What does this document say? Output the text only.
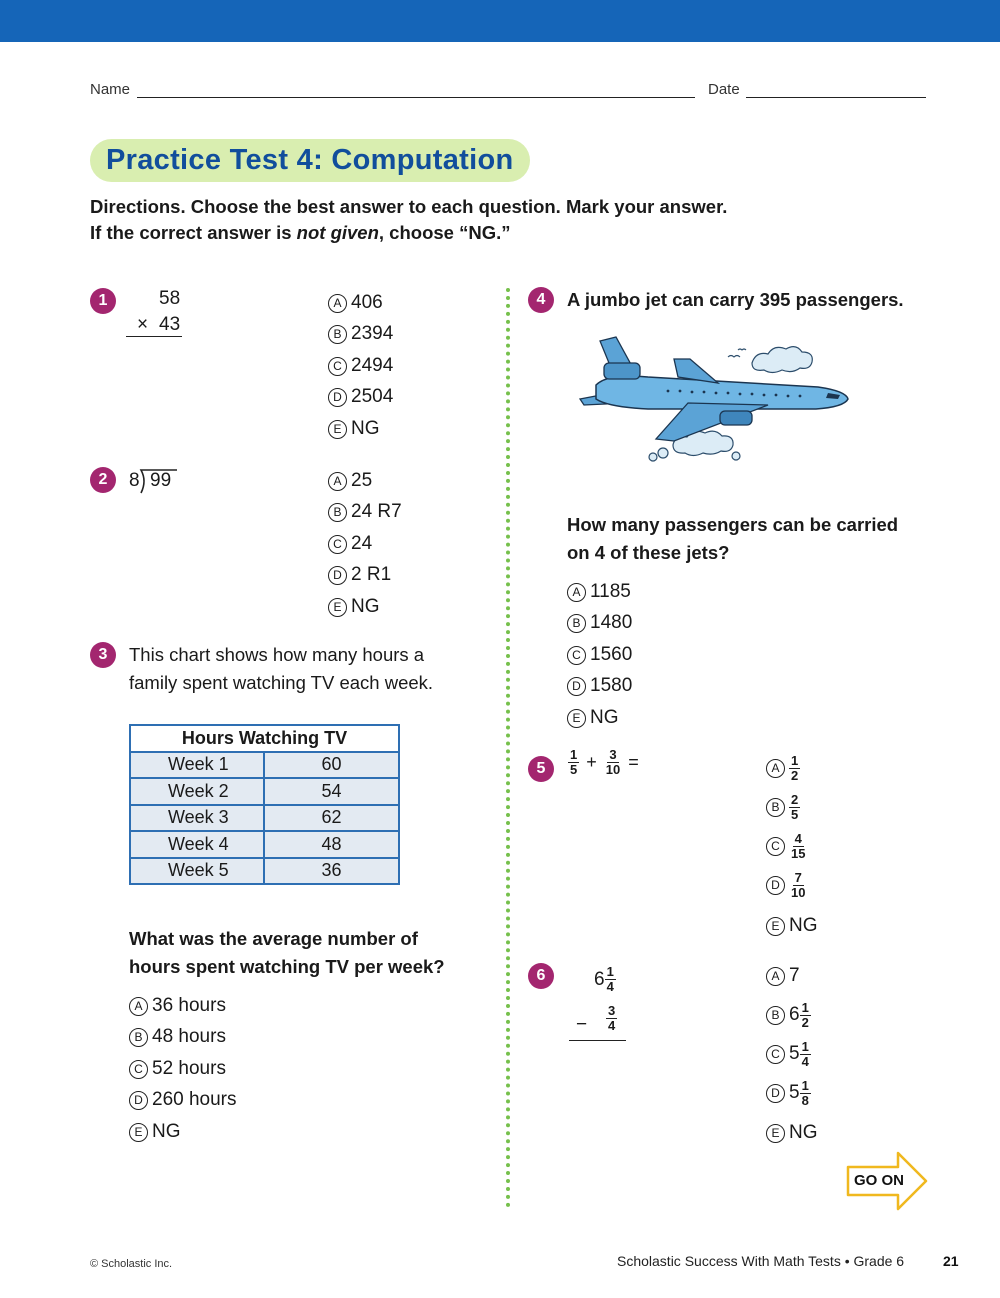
Name	Date
Practice Test 4: Computation
Directions. Choose the best answer to each question. Mark your answer.
If the correct answer is not given, choose “NG.”
1	58
× 43
A 406
B 2394
C 2494
D 2504
E NG
2	8 99	A 25
B 24 R7
C 24
D 2 R1
E NG
3	This chart shows how many hours a
family spent watching TV each week.
Hours Watching TV	
Week 1	60
Week 2	54
Week 3	62
Week 4	48
Week 5	36
What was the average number of
hours spent watching TV per week?
A 36 hours
B 48 hours
C 52 hours
D 260 hours
E NG
4	A jumbo jet can carry 395 passengers.
How many passengers can be carried
on 4 of these jets?
A 1185
B 1480
C 1560
D 1580
E NG
5	$\frac{1}{5} + \frac{3}{10}$ =	A $\frac{1}{2}$
B $\frac{2}{5}$
C $\frac{4}{15}$
D $\frac{7}{10}$
E NG
6	$6 \frac{1}{4}$
− $\frac{3}{4}$
A 7
B $6 \frac{1}{2}$
C $5 \frac{1}{4}$
D $5 \frac{1}{8}$
E NG
GO ON
© Scholastic Inc.	Scholastic Success With Math Tests • Grade 6	21
